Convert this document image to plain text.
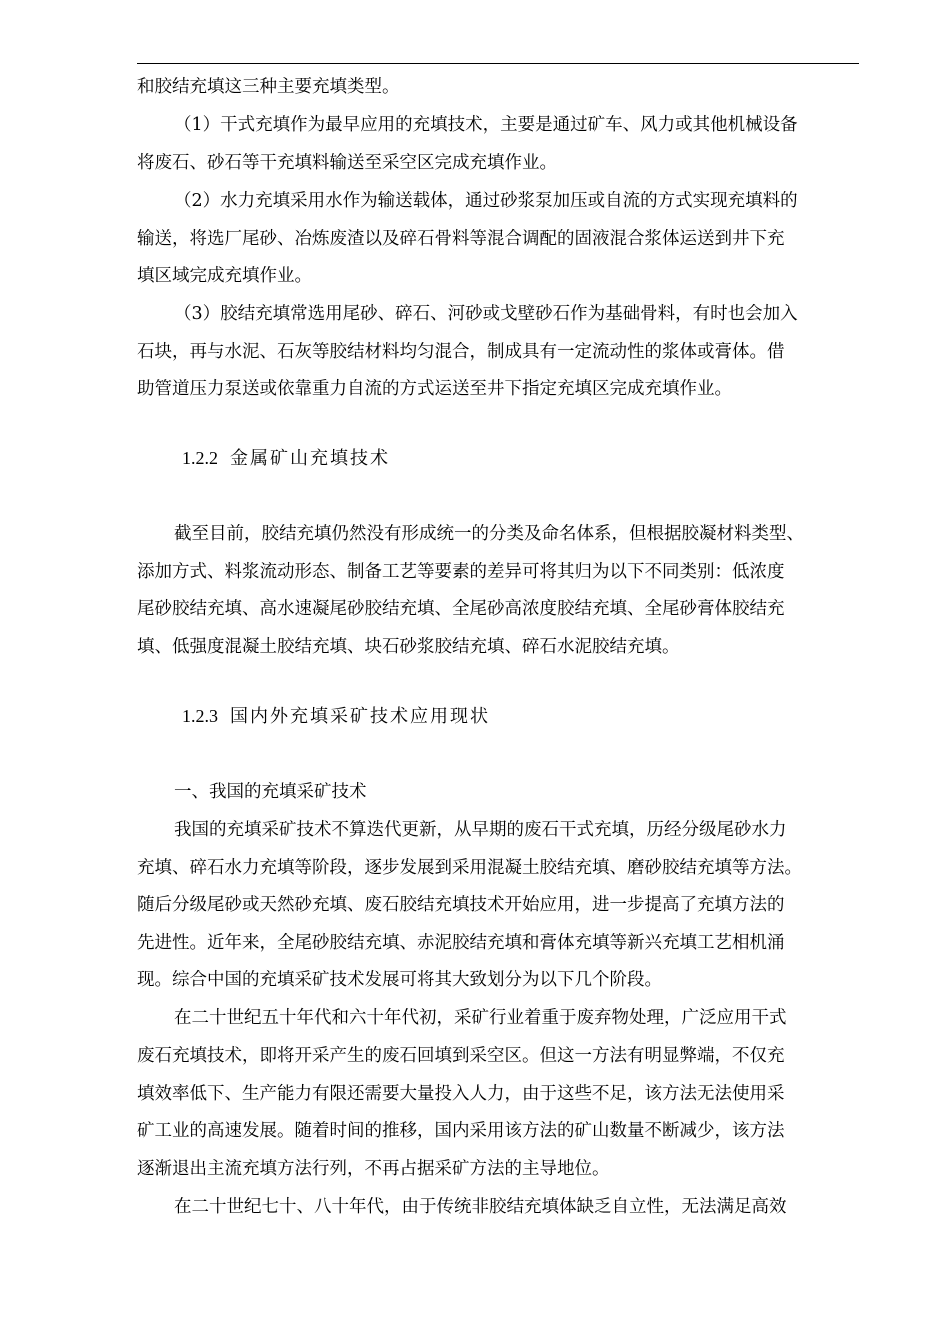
和胶结充填这三种主要充填类型。
（1）干式充填作为最早应用的充填技术，主要是通过矿车、风力或其他机械设备
将废石、砂石等干充填料输送至采空区完成充填作业。
（2）水力充填采用水作为输送载体，通过砂浆泵加压或自流的方式实现充填料的
输送，将选厂尾砂、冶炼废渣以及碎石骨料等混合调配的固液混合浆体运送到井下充
填区域完成充填作业。
（3）胶结充填常选用尾砂、碎石、河砂或戈壁砂石作为基础骨料，有时也会加入
石块，再与水泥、石灰等胶结材料均匀混合，制成具有一定流动性的浆体或膏体。借
助管道压力泵送或依靠重力自流的方式运送至井下指定充填区完成充填作业。
1.2.2 金属矿山充填技术
截至目前，胶结充填仍然没有形成统一的分类及命名体系，但根据胶凝材料类型、
添加方式、料浆流动形态、制备工艺等要素的差异可将其归为以下不同类别：低浓度
尾砂胶结充填、高水速凝尾砂胶结充填、全尾砂高浓度胶结充填、全尾砂膏体胶结充
填、低强度混凝土胶结充填、块石砂浆胶结充填、碎石水泥胶结充填。
1.2.3 国内外充填采矿技术应用现状
一、我国的充填采矿技术
我国的充填采矿技术不算迭代更新，从早期的废石干式充填，历经分级尾砂水力
充填、碎石水力充填等阶段，逐步发展到采用混凝土胶结充填、磨砂胶结充填等方法。
随后分级尾砂或天然砂充填、废石胶结充填技术开始应用，进一步提高了充填方法的
先进性。近年来，全尾砂胶结充填、赤泥胶结充填和膏体充填等新兴充填工艺相机涌
现。综合中国的充填采矿技术发展可将其大致划分为以下几个阶段。
在二十世纪五十年代和六十年代初，采矿行业着重于废弃物处理，广泛应用干式
废石充填技术，即将开采产生的废石回填到采空区。但这一方法有明显弊端，不仅充
填效率低下、生产能力有限还需要大量投入人力，由于这些不足，该方法无法使用采
矿工业的高速发展。随着时间的推移，国内采用该方法的矿山数量不断减少，该方法
逐渐退出主流充填方法行列，不再占据采矿方法的主导地位。
在二十世纪七十、八十年代，由于传统非胶结充填体缺乏自立性，无法满足高效
